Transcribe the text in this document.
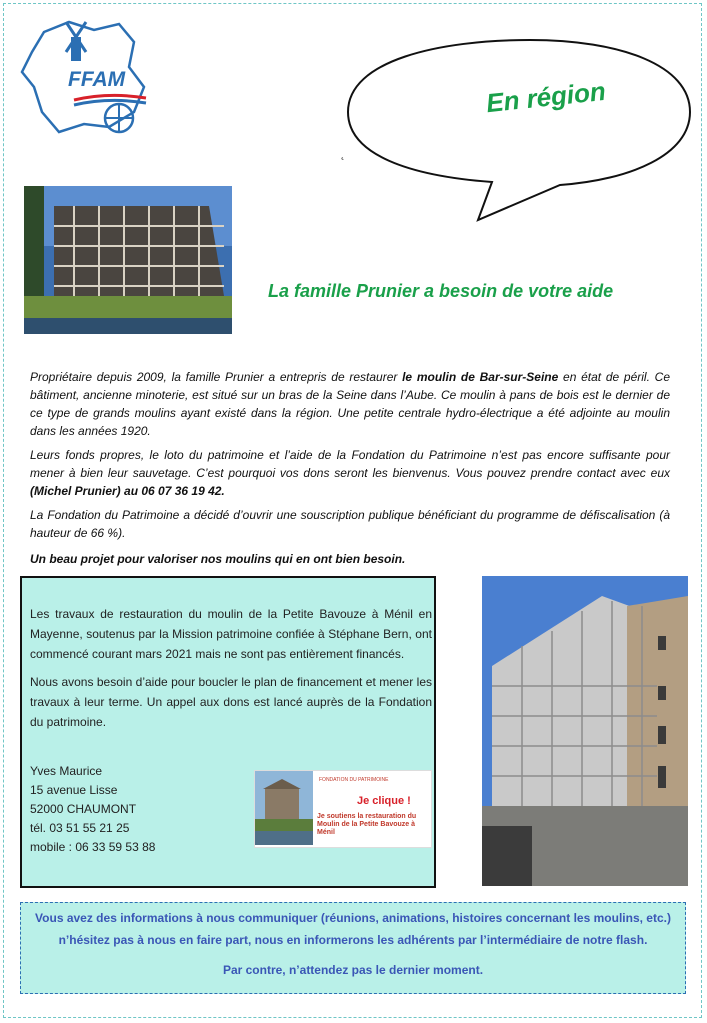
FFAM	En région
˛
La famille Prunier a besoin de votre aide

Propriétaire depuis 2009, la famille Prunier a entrepris de restaurer le moulin de Bar-sur-Seine en état de péril. Ce bâtiment, ancienne minoterie, est situé sur un bras de la Seine dans l’Aube. Ce moulin à pans de bois est le dernier de ce type de grands moulins ayant existé dans la région. Une petite centrale hydro-électrique a été adjointe au moulin dans les années 1920.

Leurs fonds propres, le loto du patrimoine et l’aide de la Fondation du Patrimoine n’est pas encore suffisante pour mener à bien leur sauvetage. C’est pourquoi vos dons seront les bienvenus. Vous pouvez prendre contact avec eux (Michel Prunier) au 06 07 36 19 42.

La Fondation du Patrimoine a décidé d’ouvrir une souscription publique bénéficiant du programme de défiscalisation (à hauteur de 66 %).

Un beau projet pour valoriser nos moulins qui en ont bien besoin.

Les travaux de restauration du moulin de la Petite Bavouze à Ménil en Mayenne, soutenus par la Mission patrimoine confiée à Stéphane Bern, ont commencé courant mars 2021 mais ne sont pas entièrement financés.

Nous avons besoin d’aide pour boucler le plan de financement et mener les travaux à leur terme. Un appel aux dons est lancé auprès de la Fondation du patrimoine.

Yves Maurice
15 avenue Lisse
52000 CHAUMONT
tél. 03 51 55 21 25
mobile : 06 33 59 53 88
FONDATION DU PATRIMOINE
Je clique !
Je soutiens la restauration du Moulin de la Petite Bavouze à Ménil
Vous avez des informations à nous communiquer (réunions, animations, histoires concernant les moulins, etc.)
n’hésitez pas à nous en faire part, nous en informerons les adhérents par l’intermédiaire de notre flash.
Par contre, n’attendez pas le dernier moment.
